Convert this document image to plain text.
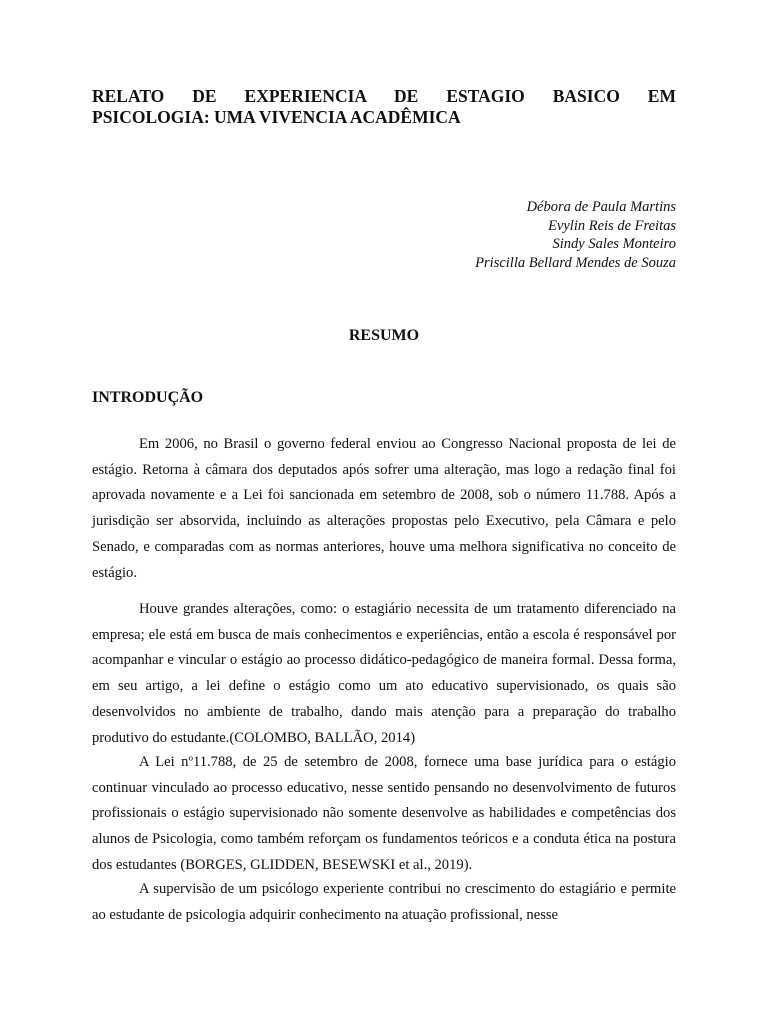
RELATO DE EXPERIENCIA DE ESTAGIO BASICO EM
PSICOLOGIA: UMA VIVENCIA ACADÊMICA
Débora de Paula Martins
Evylin Reis de Freitas
Sindy Sales Monteiro
Priscilla Bellard Mendes de Souza
RESUMO
INTRODUÇÃO

Em 2006, no Brasil o governo federal enviou ao Congresso Nacional proposta de lei de estágio. Retorna à câmara dos deputados após sofrer uma alteração, mas logo a redação final foi aprovada novamente e a Lei foi sancionada em setembro de 2008, sob o número 11.788. Após a jurisdição ser absorvida, incluindo as alterações propostas pelo Executivo, pela Câmara e pelo Senado, e comparadas com as normas anteriores, houve uma melhora significativa no conceito de estágio.

Houve grandes alterações, como: o estagiário necessita de um tratamento diferenciado na empresa; ele está em busca de mais conhecimentos e experiências, então a escola é responsável por acompanhar e vincular o estágio ao processo didático-pedagógico de maneira formal. Dessa forma, em seu artigo, a lei define o estágio como um ato educativo supervisionado, os quais são desenvolvidos no ambiente de trabalho, dando mais atenção para a preparação do trabalho produtivo do estudante.(COLOMBO, BALLÃO, 2014)

A Lei nº11.788, de 25 de setembro de 2008, fornece uma base jurídica para o estágio continuar vinculado ao processo educativo, nesse sentido pensando no desenvolvimento de futuros profissionais o estágio supervisionado não somente desenvolve as habilidades e competências dos alunos de Psicologia, como também reforçam os fundamentos teóricos e a conduta ética na postura dos estudantes (BORGES, GLIDDEN, BESEWSKI et al., 2019).

A supervisão de um psicólogo experiente contribui no crescimento do estagiário e permite ao estudante de psicologia adquirir conhecimento na atuação profissional, nesse
